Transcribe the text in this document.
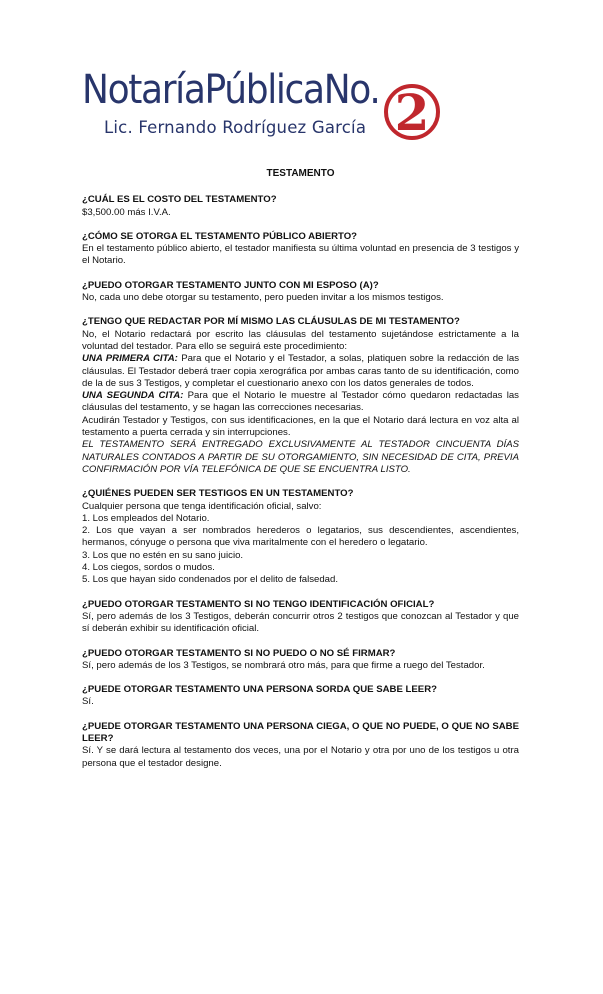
NotaríaPúblicaNo. 2
Lic. Fernando Rodríguez García

TESTAMENTO

¿CUÁL ES EL COSTO DEL TESTAMENTO?

$3,500.00 más I.V.A.

¿CÓMO SE OTORGA EL TESTAMENTO PÚBLICO ABIERTO?

En el testamento público abierto, el testador manifiesta su última voluntad en presencia de 3 testigos y el Notario.

¿PUEDO OTORGAR TESTAMENTO JUNTO CON MI ESPOSO (A)?

No, cada uno debe otorgar su testamento, pero pueden invitar a los mismos testigos.

¿TENGO QUE REDACTAR POR MÍ MISMO LAS CLÁUSULAS DE MI TESTAMENTO?

No, el Notario redactará por escrito las cláusulas del testamento sujetándose estrictamente a la voluntad del testador. Para ello se seguirá este procedimiento:

UNA PRIMERA CITA: Para que el Notario y el Testador, a solas, platiquen sobre la redacción de las cláusulas. El Testador deberá traer copia xerográfica por ambas caras tanto de su identificación, como de la de sus 3 Testigos, y completar el cuestionario anexo con los datos generales de todos.

UNA SEGUNDA CITA: Para que el Notario le muestre al Testador cómo quedaron redactadas las cláusulas del testamento, y se hagan las correcciones necesarias.

Acudirán Testador y Testigos, con sus identificaciones, en la que el Notario dará lectura en voz alta al testamento a puerta cerrada y sin interrupciones.

EL TESTAMENTO SERÁ ENTREGADO EXCLUSIVAMENTE AL TESTADOR CINCUENTA DÍAS NATURALES CONTADOS A PARTIR DE SU OTORGAMIENTO, SIN NECESIDAD DE CITA, PREVIA CONFIRMACIÓN POR VÍA TELEFÓNICA DE QUE SE ENCUENTRA LISTO.

¿QUIÉNES PUEDEN SER TESTIGOS EN UN TESTAMENTO?

Cualquier persona que tenga identificación oficial, salvo:

1. Los empleados del Notario.

2. Los que vayan a ser nombrados herederos o legatarios, sus descendientes, ascendientes, hermanos, cónyuge o persona que viva maritalmente con el heredero o legatario.

3. Los que no estén en su sano juicio.

4. Los ciegos, sordos o mudos.

5. Los que hayan sido condenados por el delito de falsedad.

¿PUEDO OTORGAR TESTAMENTO SI NO TENGO IDENTIFICACIÓN OFICIAL?

Sí, pero además de los 3 Testigos, deberán concurrir otros 2 testigos que conozcan al Testador y que sí deberán exhibir su identificación oficial.

¿PUEDO OTORGAR TESTAMENTO SI NO PUEDO O NO SÉ FIRMAR?

Sí, pero además de los 3 Testigos, se nombrará otro más, para que firme a ruego del Testador.

¿PUEDE OTORGAR TESTAMENTO UNA PERSONA SORDA QUE SABE LEER?

Sí.

¿PUEDE OTORGAR TESTAMENTO UNA PERSONA CIEGA, O QUE NO PUEDE, O QUE NO SABE LEER?

Sí. Y se dará lectura al testamento dos veces, una por el Notario y otra por uno de los testigos u otra persona que el testador designe.
